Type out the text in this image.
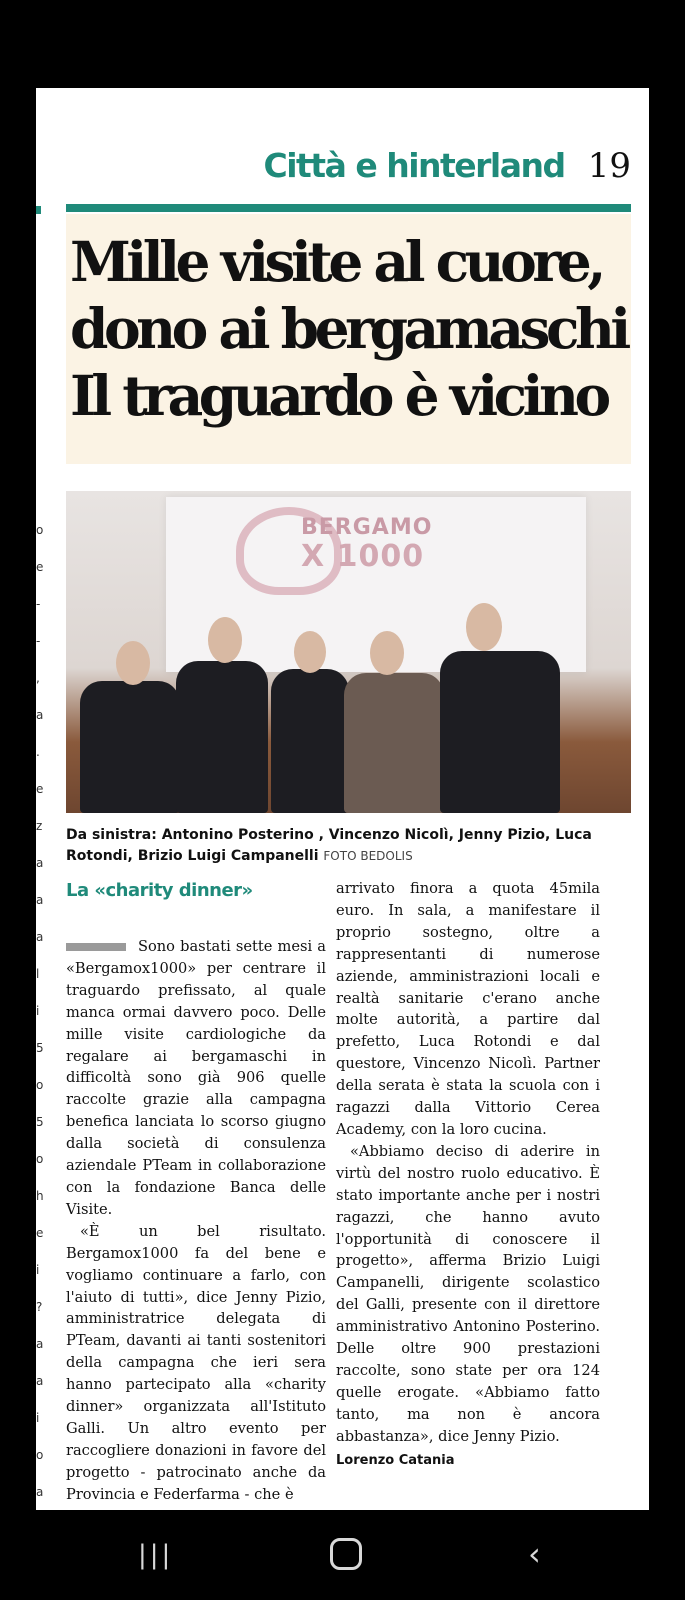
o
e
-
-
,
a
.
e
z
a
a
a
l
i
5
o
5
o
h
e
i
?
a
a
i
o
a
Città e hinterland 19
Mille visite al cuore,
dono ai bergamaschi
Il traguardo è vicino
BERGAMO
X 1000
Da sinistra: Antonino Posterino , Vincenzo Nicolì, Jenny Pizio, Luca Rotondi, Brizio Luigi Campanelli FOTO BEDOLIS
La «charity dinner»

Sono bastati sette mesi a «Bergamox1000» per centrare il traguardo prefissato, al quale manca ormai davvero poco. Delle mille visite cardiologiche da regalare ai bergamaschi in difficoltà sono già 906 quelle raccolte grazie alla campagna benefica lanciata lo scorso giugno dalla società di consulenza aziendale PTeam in collaborazione con la fondazione Banca delle Visite.

«È un bel risultato. Bergamox1000 fa del bene e vogliamo continuare a farlo, con l'aiuto di tutti», dice Jenny Pizio, amministratrice delegata di PTeam, davanti ai tanti sostenitori della campagna che ieri sera hanno partecipato alla «charity dinner» organizzata all'Istituto Galli. Un altro evento per raccogliere donazioni in favore del progetto - patrocinato anche da Provincia e Federfarma - che è

arrivato finora a quota 45mila euro. In sala, a manifestare il proprio sostegno, oltre a rappresentanti di numerose aziende, amministrazioni locali e realtà sanitarie c'erano anche molte autorità, a partire dal prefetto, Luca Rotondi e dal questore, Vincenzo Nicolì. Partner della serata è stata la scuola con i ragazzi dalla Vittorio Cerea Academy, con la loro cucina.

«Abbiamo deciso di aderire in virtù del nostro ruolo educativo. È stato importante anche per i nostri ragazzi, che hanno avuto l'opportunità di conoscere il progetto», afferma Brizio Luigi Campanelli, dirigente scolastico del Galli, presente con il direttore amministrativo Antonino Posterino. Delle oltre 900 prestazioni raccolte, sono state per ora 124 quelle erogate. «Abbiamo fatto tanto, ma non è ancora abbastanza», dice Jenny Pizio.

Lorenzo Catania
|||	‹
